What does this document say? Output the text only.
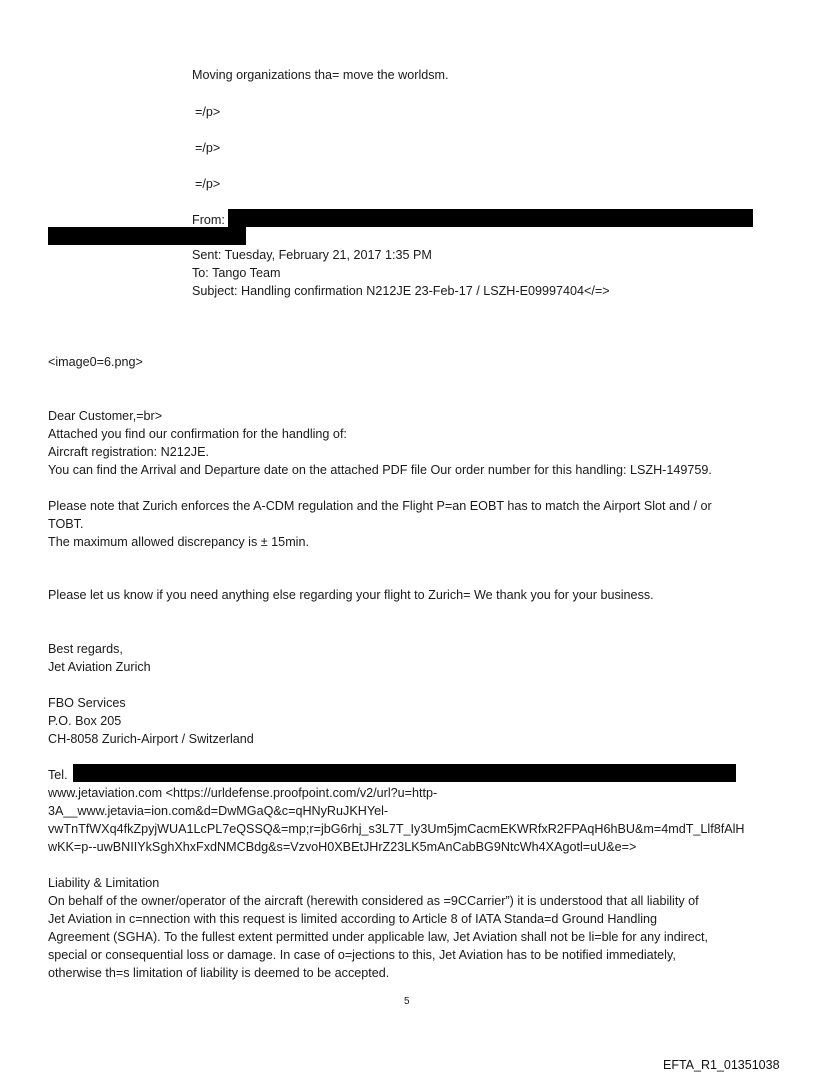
Moving organizations tha= move the worldsm.
=/p>
=/p>
=/p>
From:
Sent: Tuesday, February 21, 2017 1:35 PM
To: Tango Team
Subject: Handling confirmation N212JE 23-Feb-17 / LSZH-E09997404</=>
<image0=6.png>
Dear Customer,=br>
Attached you find our confirmation for the handling of:
Aircraft registration: N212JE.
You can find the Arrival and Departure date on the attached PDF file Our order number for this handling: LSZH-149759.
Please note that Zurich enforces the A-CDM regulation and the Flight P=an EOBT has to match the Airport Slot and / or
TOBT.
The maximum allowed discrepancy is ± 15min.
Please let us know if you need anything else regarding your flight to Zurich= We thank you for your business.
Best regards,
Jet Aviation Zurich
FBO Services
P.O. Box 205
CH-8058 Zurich-Airport / Switzerland
Tel.
www.jetaviation.com <https://urldefense.proofpoint.com/v2/url?u=http-
3A__www.jetavia=ion.com&d=DwMGaQ&c=qHNyRuJKHYel-
vwTnTfWXq4fkZpyjWUA1LcPL7eQSSQ&=mp;r=jbG6rhj_s3L7T_Iy3Um5jmCacmEKWRfxR2FPAqH6hBU&m=4mdT_Llf8fAlH
wKK=p--uwBNIIYkSghXhxFxdNMCBdg&s=VzvoH0XBEtJHrZ23LK5mAnCabBG9NtcWh4XAgotl=uU&e=>
Liability & Limitation
On behalf of the owner/operator of the aircraft (herewith considered as =9CCarrier”) it is understood that all liability of
Jet Aviation in c=nnection with this request is limited according to Article 8 of IATA Standa=d Ground Handling
Agreement (SGHA). To the fullest extent permitted under applicable law, Jet Aviation shall not be li=ble for any indirect,
special or consequential loss or damage. In case of o=jections to this, Jet Aviation has to be notified immediately,
otherwise th=s limitation of liability is deemed to be accepted.
5
EFTA_R1_01351038
